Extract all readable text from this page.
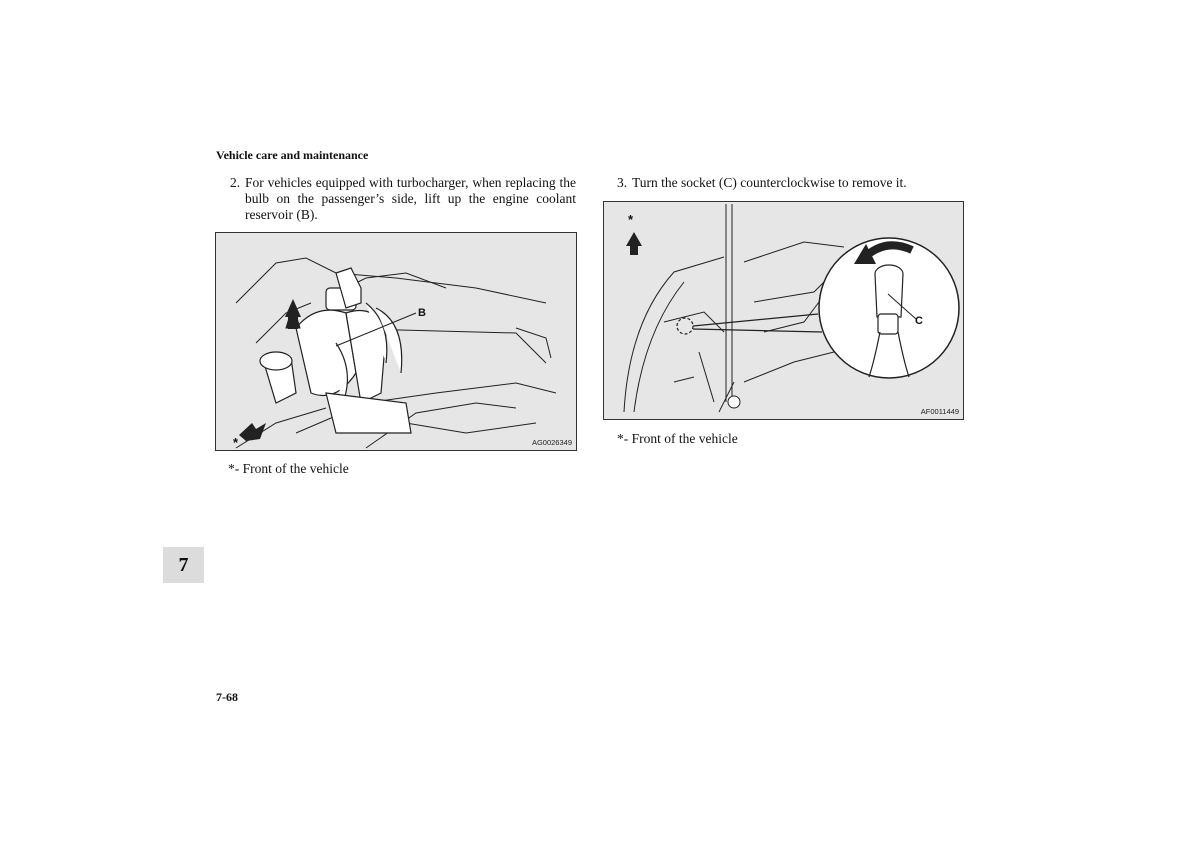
Vehicle care and maintenance
2. For vehicles equipped with turbocharger, when replacing the bulb on the passenger’s side, lift up the engine coolant reservoir (B).
3. Turn the socket (C) counterclockwise to remove it.
B
*	AG0026349
*- Front of the vehicle
C
*
AF0011449
*- Front of the vehicle
7
7-68
